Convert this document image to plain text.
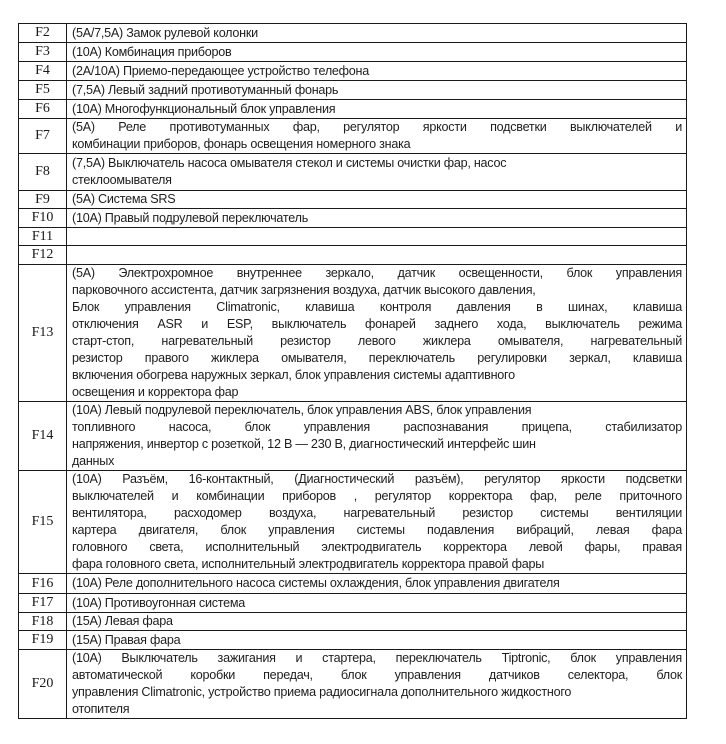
F2	(5A/7,5A) Замок рулевой колонки

F3	(10A) Комбинация приборов

F4	(2A/10A) Приемо-передающее устройство телефона

F5	(7,5A) Левый задний противотуманный фонарь

F6	(10A) Многофункциональный блок управления

F7	(5A) Реле противотуманных фар, регулятор яркости подсветки выключателей и
комбинации приборов, фонарь освещения номерного знака

F8	(7,5A) Выключатель насоса омывателя стекол и системы очистки фар, насос
стеклоомывателя

F9	(5A) Система SRS

F10	(10A) Правый подрулевой переключатель

F11	

F12	

F13	
(5A) Электрохромное внутреннее зеркало, датчик освещенности, блок управления
парковочного ассистента, датчик загрязнения воздуха, датчик высокого давления,
Блок управления Climatronic, клавиша контроля давления в шинах, клавиша
отключения ASR и ESP, выключатель фонарей заднего хода, выключатель режима
старт-стоп, нагревательный резистор левого жиклера омывателя, нагревательный
резистор правого жиклера омывателя, переключатель регулировки зеркал, клавиша
включения обогрева наружных зеркал, блок управления системы адаптивного
освещения и корректора фар

F14	(10A) Левый подрулевой переключатель, блок управления ABS, блок управления
топливного насоса, блок управления распознавания прицепа, стабилизатор
напряжения, инвертор с розеткой, 12 В — 230 В, диагностический интерфейс шин
данных

F15	
(10A) Разъём, 16-контактный, (Диагностический разъём), регулятор яркости подсветки
выключателей и комбинации приборов , регулятор корректора фар, реле приточного
вентилятора, расходомер воздуха, нагревательный резистор системы вентиляции
картера двигателя, блок управления системы подавления вибраций, левая фара
головного света, исполнительный электродвигатель корректора левой фары, правая
фара головного света, исполнительный электродвигатель корректора правой фары

F16	(10A) Реле дополнительного насоса системы охлаждения, блок управления двигателя

F17	(10A) Противоугонная система

F18	(15A) Левая фара

F19	(15A) Правая фара

F20	(10A) Выключатель зажигания и стартера, переключатель Tiptronic, блок управления
автоматической коробки передач, блок управления датчиков селектора, блок
управления Climatronic, устройство приема радиосигнала дополнительного жидкостного
отопителя
